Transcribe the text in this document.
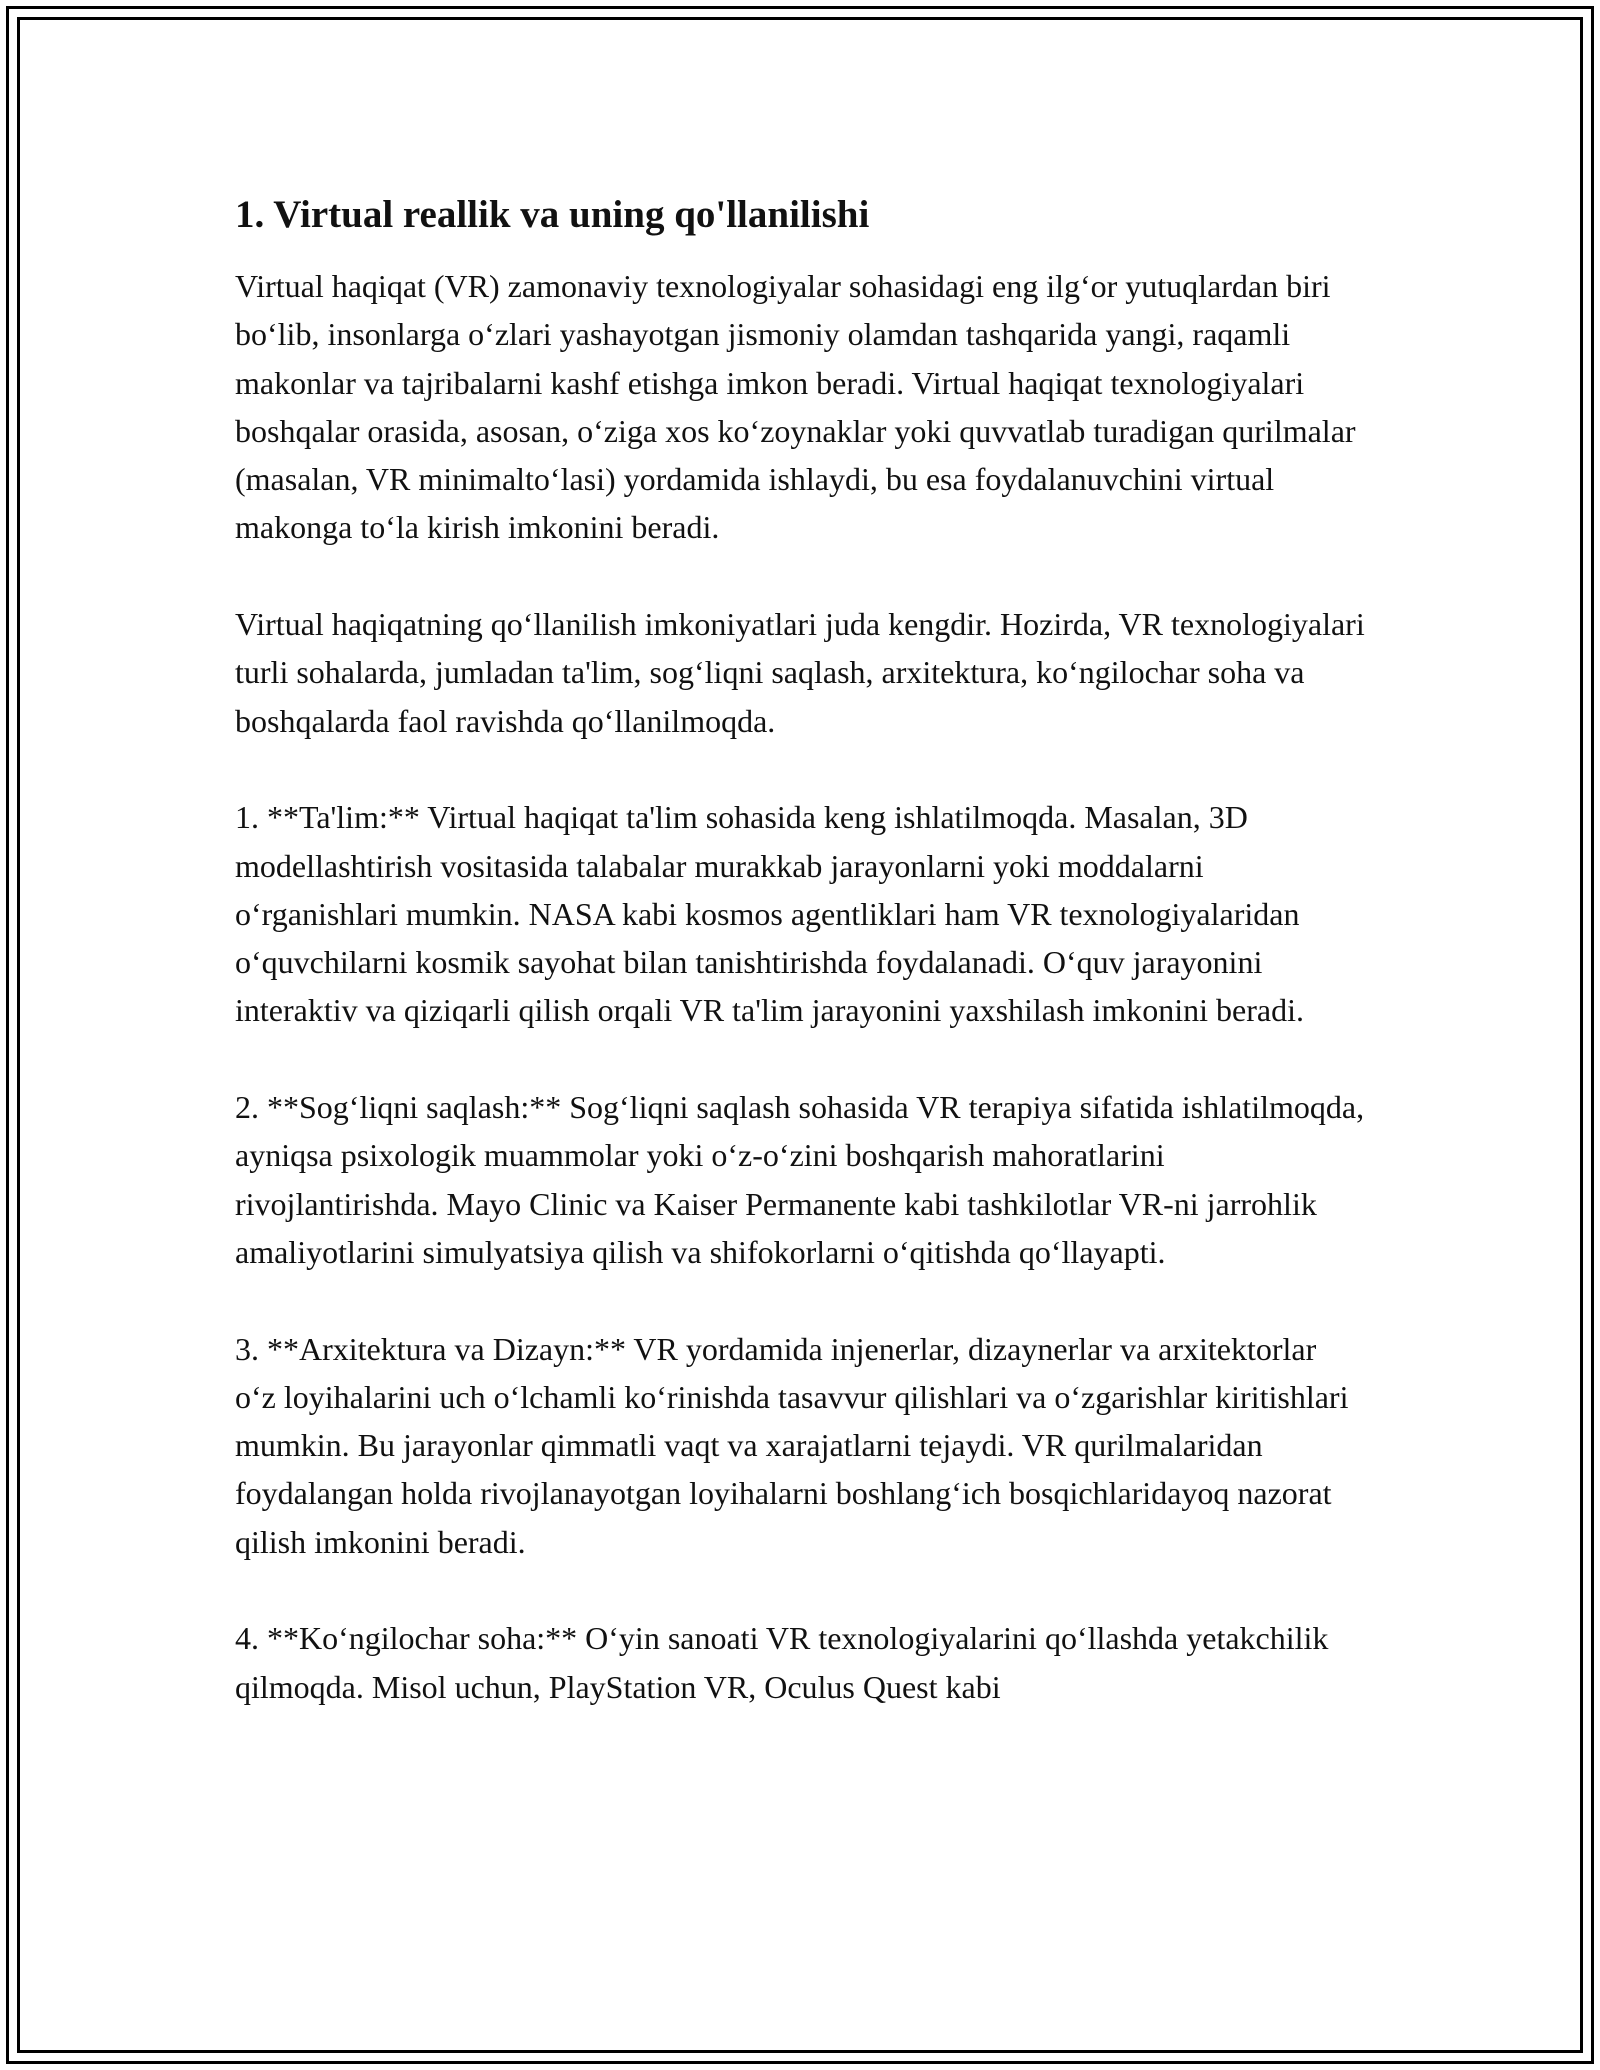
1. Virtual reallik va uning qo'llanilishi

Virtual haqiqat (VR) zamonaviy texnologiyalar sohasidagi eng ilg‘or yutuqlardan biri bo‘lib, insonlarga o‘zlari yashayotgan jismoniy olamdan tashqarida yangi, raqamli makonlar va tajribalarni kashf etishga imkon beradi. Virtual haqiqat texnologiyalari boshqalar orasida, asosan, o‘ziga xos ko‘zoynaklar yoki quvvatlab turadigan qurilmalar (masalan, VR minimalto‘lasi) yordamida ishlaydi, bu esa foydalanuvchini virtual makonga to‘la kirish imkonini beradi.

Virtual haqiqatning qo‘llanilish imkoniyatlari juda kengdir. Hozirda, VR texnologiyalari turli sohalarda, jumladan ta'lim, sog‘liqni saqlash, arxitektura, ko‘ngilochar soha va boshqalarda faol ravishda qo‘llanilmoqda.

1. **Ta'lim:** Virtual haqiqat ta'lim sohasida keng ishlatilmoqda. Masalan, 3D modellashtirish vositasida talabalar murakkab jarayonlarni yoki moddalarni o‘rganishlari mumkin. NASA kabi kosmos agentliklari ham VR texnologiyalaridan o‘quvchilarni kosmik sayohat bilan tanishtirishda foydalanadi. O‘quv jarayonini interaktiv va qiziqarli qilish orqali VR ta'lim jarayonini yaxshilash imkonini beradi.

2. **Sog‘liqni saqlash:** Sog‘liqni saqlash sohasida VR terapiya sifatida ishlatilmoqda, ayniqsa psixologik muammolar yoki o‘z-o‘zini boshqarish mahoratlarini rivojlantirishda. Mayo Clinic va Kaiser Permanente kabi tashkilotlar VR-ni jarrohlik amaliyotlarini simulyatsiya qilish va shifokorlarni o‘qitishda qo‘llayapti.

3. **Arxitektura va Dizayn:** VR yordamida injenerlar, dizaynerlar va arxitektorlar o‘z loyihalarini uch o‘lchamli ko‘rinishda tasavvur qilishlari va o‘zgarishlar kiritishlari mumkin. Bu jarayonlar qimmatli vaqt va xarajatlarni tejaydi. VR qurilmalaridan foydalangan holda rivojlanayotgan loyihalarni boshlang‘ich bosqichlaridayoq nazorat qilish imkonini beradi.

4. **Ko‘ngilochar soha:** O‘yin sanoati VR texnologiyalarini qo‘llashda yetakchilik qilmoqda. Misol uchun, PlayStation VR, Oculus Quest kabi
